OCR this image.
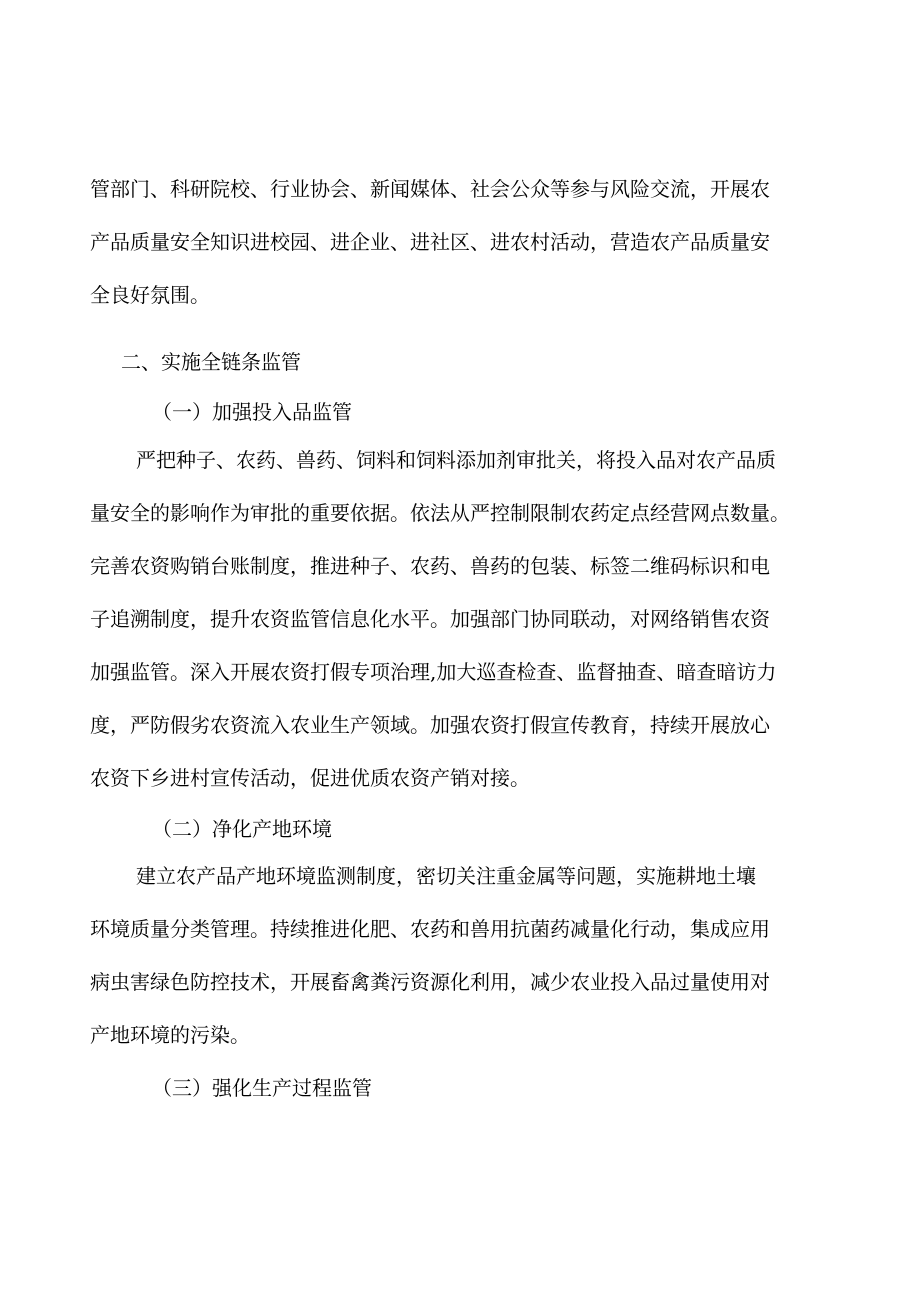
管部门、科研院校、行业协会、新闻媒体、社会公众等参与风险交流，开展农

产品质量安全知识进校园、进企业、进社区、进农村活动，营造农产品质量安

全良好氛围。

二、实施全链条监管

（一）加强投入品监管

严把种子、农药、兽药、饲料和饲料添加剂审批关，将投入品对农产品质

量安全的影响作为审批的重要依据。依法从严控制限制农药定点经营网点数量。

完善农资购销台账制度，推进种子、农药、兽药的包装、标签二维码标识和电

子追溯制度，提升农资监管信息化水平。加强部门协同联动，对网络销售农资

加强监管。深入开展农资打假专项治理,加大巡查检查、监督抽查、暗查暗访力

度，严防假劣农资流入农业生产领域。加强农资打假宣传教育，持续开展放心

农资下乡进村宣传活动，促进优质农资产销对接。

（二）净化产地环境

建立农产品产地环境监测制度，密切关注重金属等问题，实施耕地土壤

环境质量分类管理。持续推进化肥、农药和兽用抗菌药减量化行动，集成应用

病虫害绿色防控技术，开展畜禽粪污资源化利用，减少农业投入品过量使用对

产地环境的污染。

（三）强化生产过程监管
